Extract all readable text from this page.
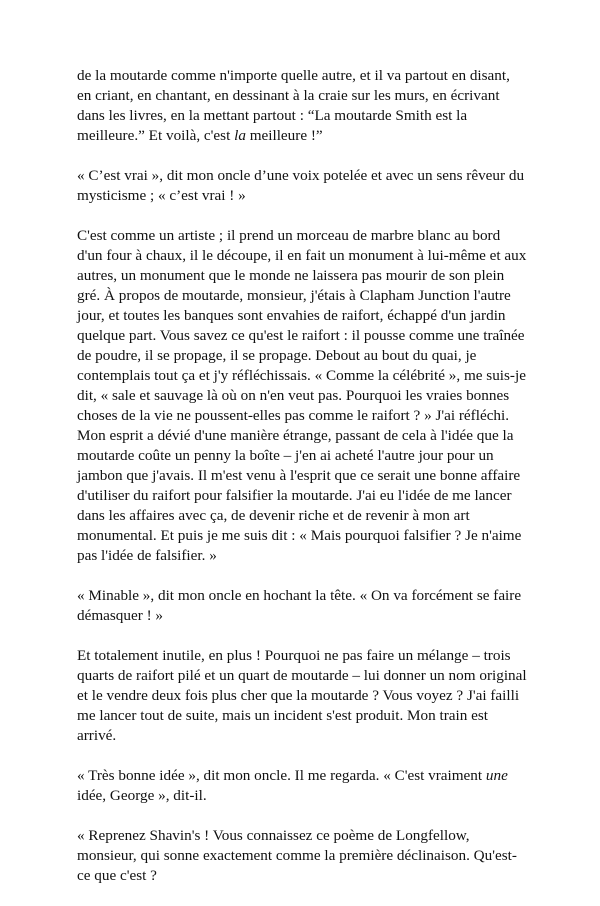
de la moutarde comme n'importe quelle autre, et il va partout en disant, en criant, en chantant, en dessinant à la craie sur les murs, en écrivant dans les livres, en la mettant partout : “La moutarde Smith est la meilleure.” Et voilà, c'est la meilleure !”

« C’est vrai », dit mon oncle d’une voix potelée et avec un sens rêveur du mysticisme ; « c’est vrai ! »

C'est comme un artiste ; il prend un morceau de marbre blanc au bord d'un four à chaux, il le découpe, il en fait un monument à lui-même et aux autres, un monument que le monde ne laissera pas mourir de son plein gré. À propos de moutarde, monsieur, j'étais à Clapham Junction l'autre jour, et toutes les banques sont envahies de raifort, échappé d'un jardin quelque part. Vous savez ce qu'est le raifort : il pousse comme une traînée de poudre, il se propage, il se propage. Debout au bout du quai, je contemplais tout ça et j'y réfléchissais. « Comme la célébrité », me suis-je dit, « sale et sauvage là où on n'en veut pas. Pourquoi les vraies bonnes choses de la vie ne poussent-elles pas comme le raifort ? » J'ai réfléchi. Mon esprit a dévié d'une manière étrange, passant de cela à l'idée que la moutarde coûte un penny la boîte – j'en ai acheté l'autre jour pour un jambon que j'avais. Il m'est venu à l'esprit que ce serait une bonne affaire d'utiliser du raifort pour falsifier la moutarde. J'ai eu l'idée de me lancer dans les affaires avec ça, de devenir riche et de revenir à mon art monumental. Et puis je me suis dit : « Mais pourquoi falsifier ? Je n'aime pas l'idée de falsifier. »

« Minable », dit mon oncle en hochant la tête. « On va forcément se faire démasquer ! »

Et totalement inutile, en plus ! Pourquoi ne pas faire un mélange – trois quarts de raifort pilé et un quart de moutarde – lui donner un nom original et le vendre deux fois plus cher que la moutarde ? Vous voyez ? J'ai failli me lancer tout de suite, mais un incident s'est produit. Mon train est arrivé.

« Très bonne idée », dit mon oncle. Il me regarda. « C'est vraiment une idée, George », dit-il.

« Reprenez Shavin's ! Vous connaissez ce poème de Longfellow, monsieur, qui sonne exactement comme la première déclinaison. Qu'est-ce que c'est ?
